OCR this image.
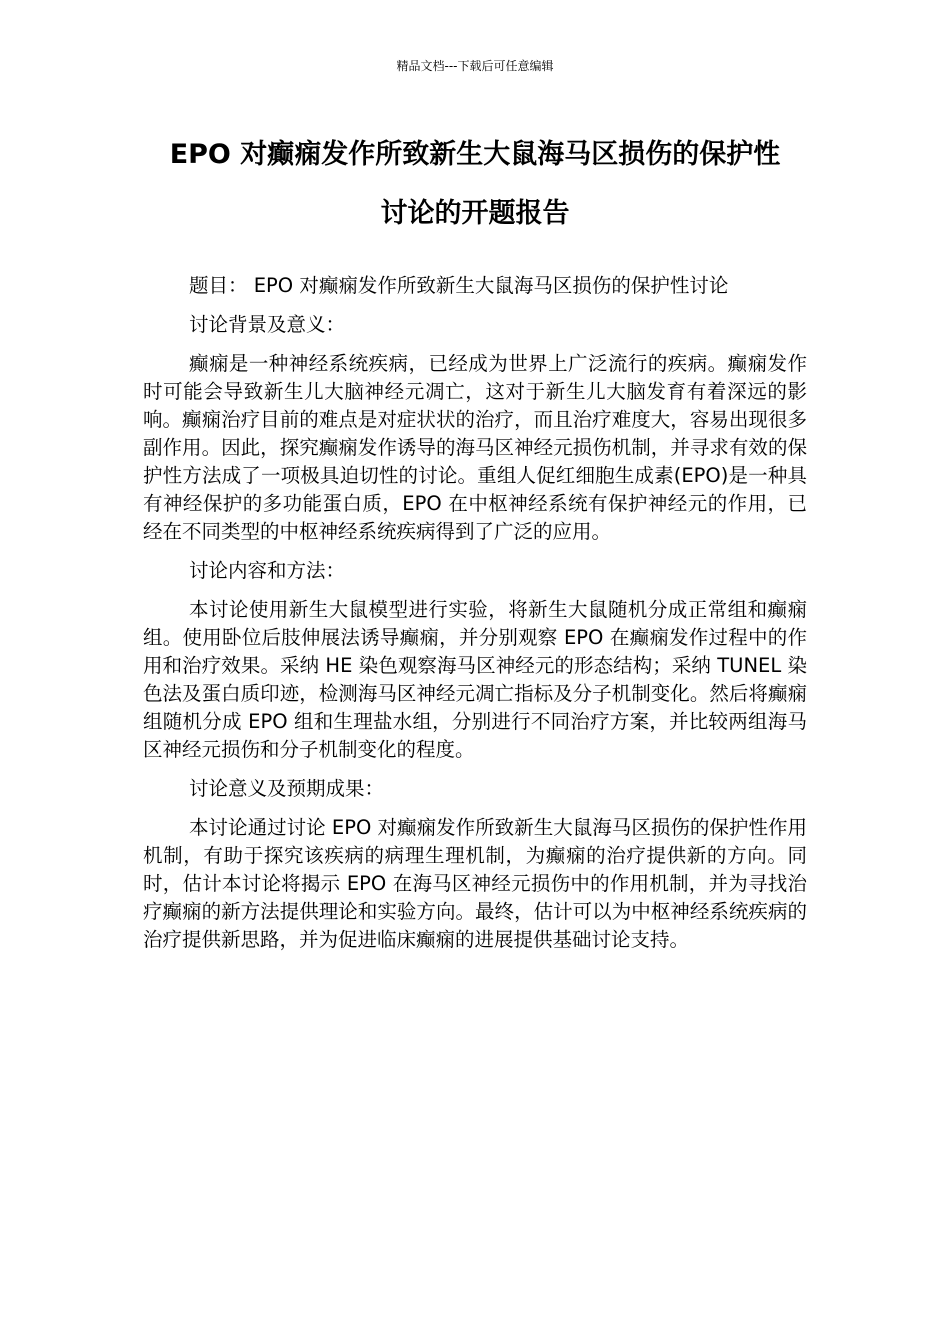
精品文档---下载后可任意编辑
EPO 对癫痫发作所致新生大鼠海马区损伤的保护性
讨论的开题报告

题目： EPO 对癫痫发作所致新生大鼠海马区损伤的保护性讨论

讨论背景及意义：

癫痫是一种神经系统疾病，已经成为世界上广泛流行的疾病。癫痫发作时可能会导致新生儿大脑神经元凋亡，这对于新生儿大脑发育有着深远的影响。癫痫治疗目前的难点是对症状状的治疗，而且治疗难度大，容易出现很多副作用。因此，探究癫痫发作诱导的海马区神经元损伤机制，并寻求有效的保护性方法成了一项极具迫切性的讨论。重组人促红细胞生成素(EPO)是一种具有神经保护的多功能蛋白质，EPO 在中枢神经系统有保护神经元的作用，已经在不同类型的中枢神经系统疾病得到了广泛的应用。

讨论内容和方法：

本讨论使用新生大鼠模型进行实验，将新生大鼠随机分成正常组和癫痫组。使用卧位后肢伸展法诱导癫痫，并分别观察 EPO 在癫痫发作过程中的作用和治疗效果。采纳 HE 染色观察海马区神经元的形态结构；采纳 TUNEL 染色法及蛋白质印迹，检测海马区神经元凋亡指标及分子机制变化。然后将癫痫组随机分成 EPO 组和生理盐水组，分别进行不同治疗方案，并比较两组海马区神经元损伤和分子机制变化的程度。

讨论意义及预期成果：

本讨论通过讨论 EPO 对癫痫发作所致新生大鼠海马区损伤的保护性作用机制，有助于探究该疾病的病理生理机制，为癫痫的治疗提供新的方向。同时，估计本讨论将揭示 EPO 在海马区神经元损伤中的作用机制，并为寻找治疗癫痫的新方法提供理论和实验方向。最终，估计可以为中枢神经系统疾病的治疗提供新思路，并为促进临床癫痫的进展提供基础讨论支持。
